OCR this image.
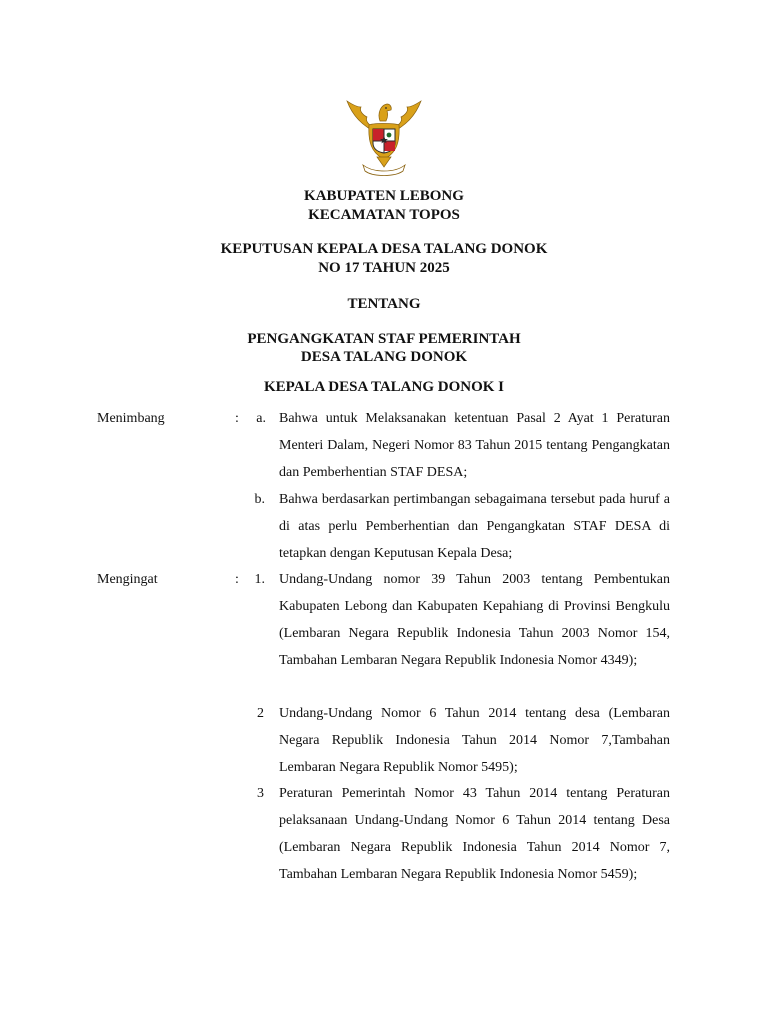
KABUPATEN LEBONG
KECAMATAN TOPOS
KEPUTUSAN KEPALA DESA TALANG DONOK
NO 17 TAHUN 2025
TENTANG
PENGANGKATAN STAF PEMERINTAH
DESA TALANG DONOK
KEPALA DESA TALANG DONOK I
Menimbang	:	a. Bahwa untuk Melaksanakan ketentuan Pasal 2 Ayat 1 Peraturan Menteri Dalam, Negeri Nomor 83 Tahun 2015 tentang Pengangkatan dan Pemberhentian STAF DESA;
b. Bahwa berdasarkan pertimbangan sebagaimana tersebut pada huruf a di atas perlu Pemberhentian dan Pengangkatan STAF DESA di tetapkan dengan Keputusan Kepala Desa;
Mengingat	:	1. Undang-Undang nomor 39 Tahun 2003 tentang Pembentukan Kabupaten Lebong dan Kabupaten Kepahiang di Provinsi Bengkulu (Lembaran Negara Republik Indonesia Tahun 2003 Nomor 154, Tambahan Lembaran Negara Republik Indonesia Nomor 4349);
2 Undang-Undang Nomor 6 Tahun 2014 tentang desa (Lembaran Negara Republik Indonesia Tahun 2014 Nomor 7,Tambahan Lembaran Negara Republik Nomor 5495);
3 Peraturan Pemerintah Nomor 43 Tahun 2014 tentang Peraturan pelaksanaan Undang-Undang Nomor 6 Tahun 2014 tentang Desa (Lembaran Negara Republik Indonesia Tahun 2014 Nomor 7, Tambahan Lembaran Negara Republik Indonesia Nomor 5459);
